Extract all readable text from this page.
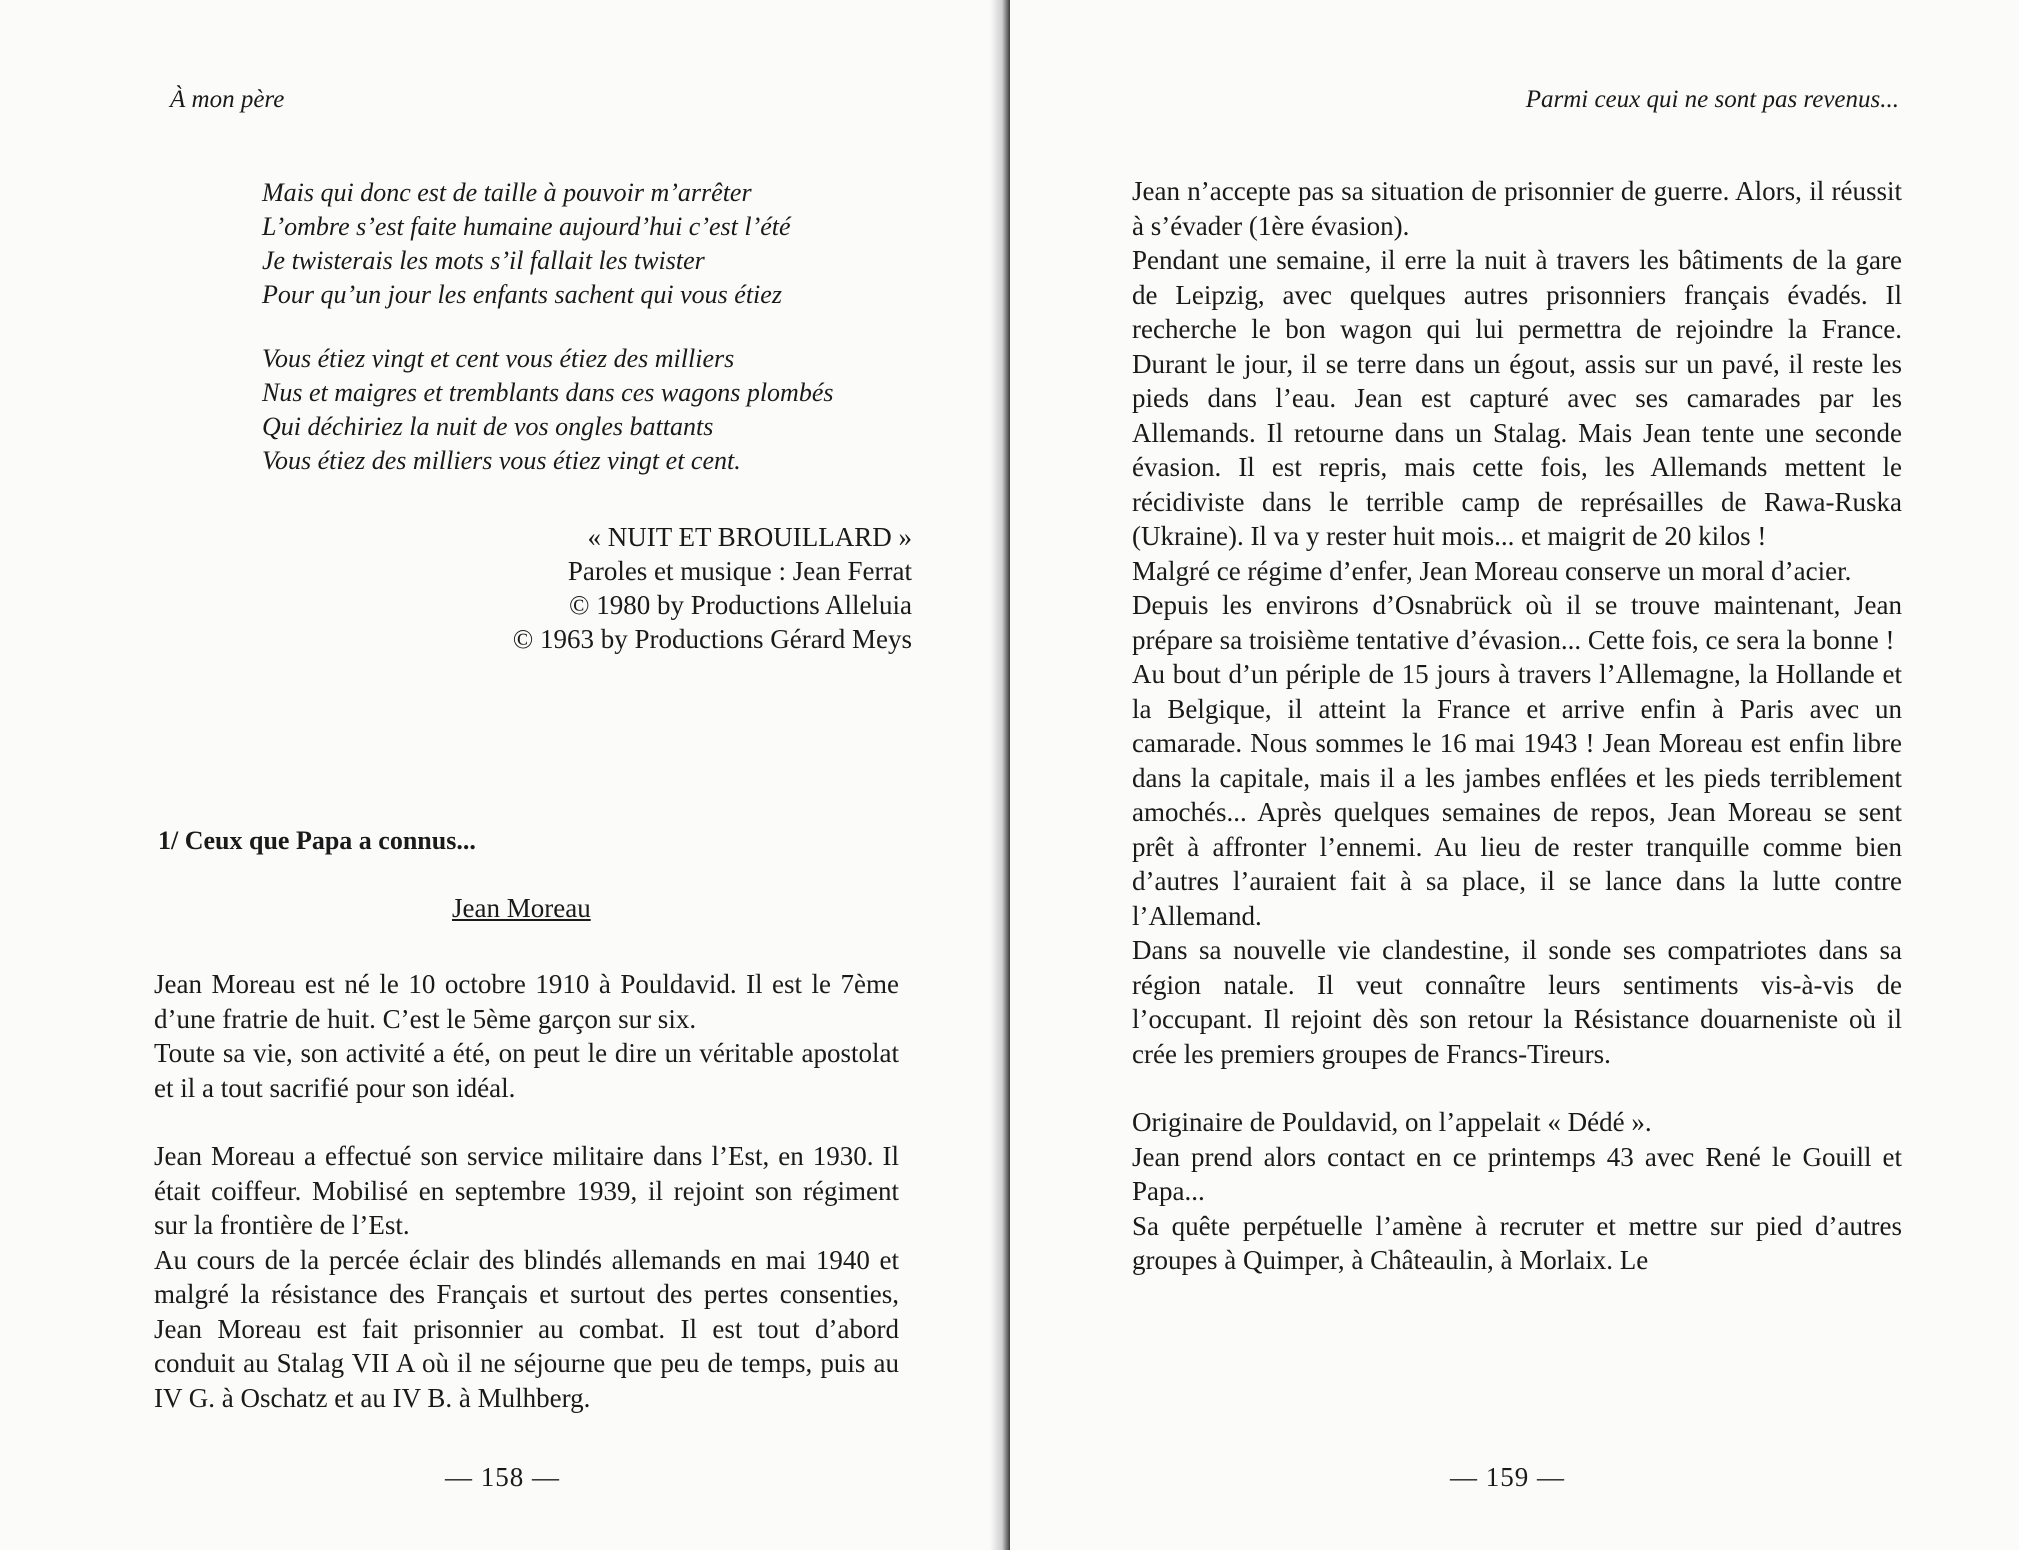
À mon père
Mais qui donc est de taille à pouvoir m’arrêter
L’ombre s’est faite humaine aujourd’hui c’est l’été
Je twisterais les mots s’il fallait les twister
Pour qu’un jour les enfants sachent qui vous étiez
Vous étiez vingt et cent vous étiez des milliers
Nus et maigres et tremblants dans ces wagons plombés
Qui déchiriez la nuit de vos ongles battants
Vous étiez des milliers vous étiez vingt et cent.
« NUIT ET BROUILLARD »
Paroles et musique : Jean Ferrat
© 1980 by Productions Alleluia
© 1963 by Productions Gérard Meys
1/ Ceux que Papa a connus...
Jean Moreau

Jean Moreau est né le 10 octobre 1910 à Pouldavid. Il est le 7ème d’une fratrie de huit. C’est le 5ème garçon sur six.

Toute sa vie, son activité a été, on peut le dire un véritable apostolat et il a tout sacrifié pour son idéal.

Jean Moreau a effectué son service militaire dans l’Est, en 1930. Il était coiffeur. Mobilisé en septembre 1939, il rejoint son régiment sur la frontière de l’Est.

Au cours de la percée éclair des blindés allemands en mai 1940 et malgré la résistance des Français et surtout des pertes consenties, Jean Moreau est fait prisonnier au combat. Il est tout d’abord conduit au Stalag VII A où il ne séjourne que peu de temps, puis au IV G. à Oschatz et au IV B. à Mulhberg.

— 158 —
Parmi ceux qui ne sont pas revenus...
— 159 —

Jean n’accepte pas sa situation de prisonnier de guerre. Alors, il réussit à s’évader (1ère évasion).

Pendant une semaine, il erre la nuit à travers les bâtiments de la gare de Leipzig, avec quelques autres prisonniers français évadés. Il recherche le bon wagon qui lui permettra de rejoindre la France. Durant le jour, il se terre dans un égout, assis sur un pavé, il reste les pieds dans l’eau. Jean est capturé avec ses camarades par les Allemands. Il retourne dans un Stalag. Mais Jean tente une seconde évasion. Il est repris, mais cette fois, les Allemands mettent le récidiviste dans le terrible camp de représailles de Rawa-Ruska (Ukraine). Il va y rester huit mois... et maigrit de 20 kilos !

Malgré ce régime d’enfer, Jean Moreau conserve un moral d’acier.

Depuis les environs d’Osnabrück où il se trouve maintenant, Jean prépare sa troisième tentative d’évasion... Cette fois, ce sera la bonne !

Au bout d’un périple de 15 jours à travers l’Allemagne, la Hollande et la Belgique, il atteint la France et arrive enfin à Paris avec un camarade. Nous sommes le 16 mai 1943 ! Jean Moreau est enfin libre dans la capitale, mais il a les jambes enflées et les pieds terriblement amochés... Après quelques semaines de repos, Jean Moreau se sent prêt à affronter l’ennemi. Au lieu de rester tranquille comme bien d’autres l’auraient fait à sa place, il se lance dans la lutte contre l’Allemand.

Dans sa nouvelle vie clandestine, il sonde ses compatriotes dans sa région natale. Il veut connaître leurs sentiments vis-à-vis de l’occupant. Il rejoint dès son retour la Résistance douarneniste où il crée les premiers groupes de Francs-Tireurs.

Originaire de Pouldavid, on l’appelait « Dédé ».

Jean prend alors contact en ce printemps 43 avec René le Gouill et Papa...

Sa quête perpétuelle l’amène à recruter et mettre sur pied d’autres groupes à Quimper, à Châteaulin, à Morlaix. Le
